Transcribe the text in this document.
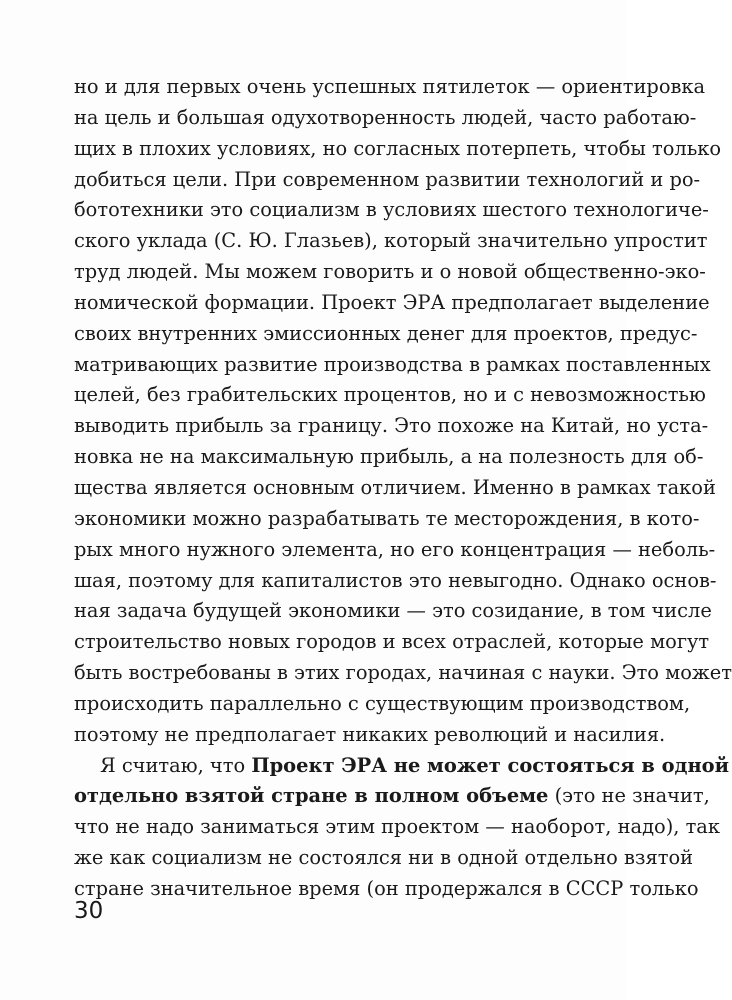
но и для первых очень успешных пятилеток — ориентировка
на цель и большая одухотворенность людей, часто работаю-
щих в плохих условиях, но согласных потерпеть, чтобы только
добиться цели. При современном развитии технологий и ро-
бототехники это социализм в условиях шестого технологиче-
ского уклада (С. Ю. Глазьев), который значительно упростит
труд людей. Мы можем говорить и о новой общественно-эко-
номической формации. Проект ЭРА предполагает выделение
своих внутренних эмиссионных денег для проектов, предус-
матривающих развитие производства в рамках поставленных
целей, без грабительских процентов, но и с невозможностью
выводить прибыль за границу. Это похоже на Китай, но уста-
новка не на максимальную прибыль, а на полезность для об-
щества является основным отличием. Именно в рамках такой
экономики можно разрабатывать те месторождения, в кото-
рых много нужного элемента, но его концентрация — неболь-
шая, поэтому для капиталистов это невыгодно. Однако основ-
ная задача будущей экономики — это созидание, в том числе
строительство новых городов и всех отраслей, которые могут
быть востребованы в этих городах, начиная с науки. Это может
происходить параллельно с существующим производством,
поэтому не предполагает никаких революций и насилия.
Я считаю, что Проект ЭРА не может состояться в одной
отдельно взятой стране в полном объеме (это не значит,
что не надо заниматься этим проектом — наоборот, надо), так
же как социализм не состоялся ни в одной отдельно взятой
стране значительное время (он продержался в СССР только
30
